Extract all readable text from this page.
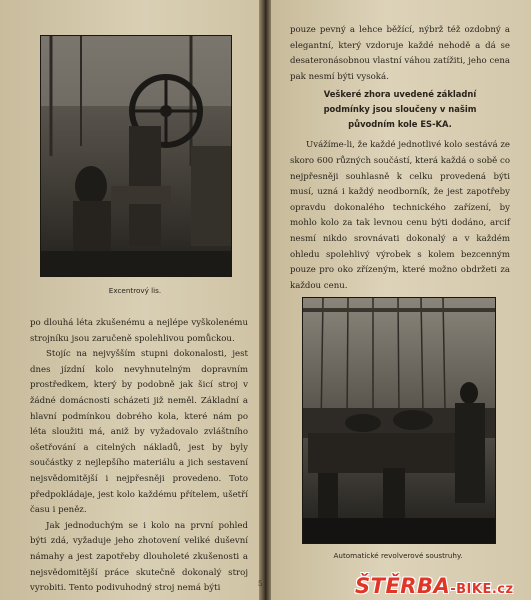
Excentrový lis.

po dlouhá léta zkušenému a nejlépe vyškolenému strojníku jsou zaručeně spolehlivou pomůckou.

Stojíc na nejvyšším stupni dokonalosti, jest dnes jízdní kolo nevyhnutelným dopravním prostředkem, který by podobně jak šicí stroj v žádné domácnosti scházeti již neměl. Základní a hlavní podmínkou dobrého kola, které nám po léta sloužiti má, aniž by vyžadovalo zvláštního ošetřování a citelných nákladů, jest by byly součástky z nejlepšího materiálu a jich sestavení nejsvědomitější i nejpřesněji provedeno. Toto předpokládaje, jest kolo každému přítelem, ušetří času i peněz.

Jak jednoduchým se i kolo na první pohled býti zdá, vyžaduje jeho zhotovení veliké duševní námahy a jest zapotřeby dlouholeté zkušenosti a nejsvědomitější práce skutečně dokonalý stroj vyrobiti. Tento podivuhodný stroj nemá býti

pouze pevný a lehce běžící, nýbrž též ozdobný a elegantní, který vzdoruje každé nehodě a dá se desateronásobnou vlastní váhou zatížiti, jeho cena pak nesmí býti vysoká.

Veškeré zhora uvedené základní podmínky jsou sloučeny v našim původním kole ES-KA.

Uvážíme-li, že každé jednotlivé kolo sestává ze skoro 600 různých součástí, která každá o sobě co nejpřesněji souhlasně k celku provedená býti musí, uzná i každý neodborník, že jest zapotřeby opravdu dokonalého technického zařízení, by mohlo kolo za tak levnou cenu býti dodáno, arcif nesmí nikdo srovnávati dokonalý a v každém ohledu spolehlivý výrobek s kolem bezcenným pouze pro oko zřízeným, které možno obdržeti za každou cenu.

Automatické revolverové soustruhy.
5	ŠTĚRBA-BIKE.cz
